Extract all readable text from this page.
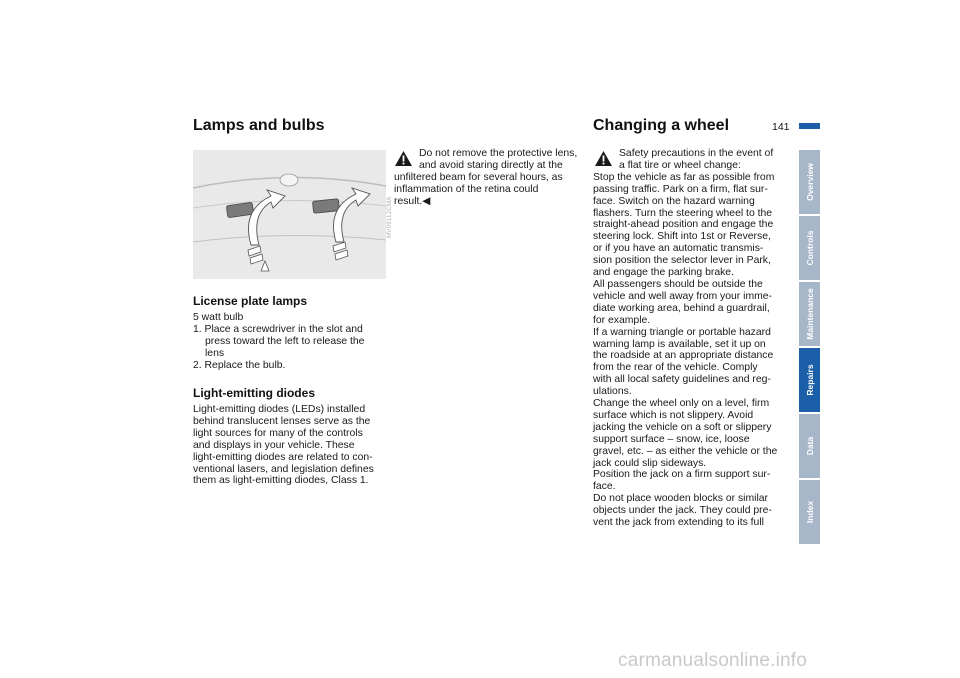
Lamps and bulbs
MV09112CMA
License plate lamps
5 watt bulb
1. Place a screwdriver in the slot and
press toward the left to release the
lens
2. Replace the bulb.
Light-emitting diodes
Light-emitting diodes (LEDs) installed
behind translucent lenses serve as the
light sources for many of the controls
and displays in your vehicle. These
light-emitting diodes are related to con-
ventional lasers, and legislation defines
them as light-emitting diodes, Class 1.
Do not remove the protective lens,
and avoid staring directly at the
unfiltered beam for several hours, as
inflammation of the retina could
result.◀
Changing a wheel	141
Safety precautions in the event of
a flat tire or wheel change:
Stop the vehicle as far as possible from
passing traffic. Park on a firm, flat sur-
face. Switch on the hazard warning
flashers. Turn the steering wheel to the
straight-ahead position and engage the
steering lock. Shift into 1st or Reverse,
or if you have an automatic transmis-
sion position the selector lever in Park,
and engage the parking brake.
All passengers should be outside the
vehicle and well away from your imme-
diate working area, behind a guardrail,
for example.
If a warning triangle or portable hazard
warning lamp is available, set it up on
the roadside at an appropriate distance
from the rear of the vehicle. Comply
with all local safety guidelines and reg-
ulations.
Change the wheel only on a level, firm
surface which is not slippery. Avoid
jacking the vehicle on a soft or slippery
support surface – snow, ice, loose
gravel, etc. – as either the vehicle or the
jack could slip sideways.
Position the jack on a firm support sur-
face.
Do not place wooden blocks or similar
objects under the jack. They could pre-
vent the jack from extending to its full
Overview
Controls
Maintenance
Repairs
Data
Index
carmanualsonline.info
